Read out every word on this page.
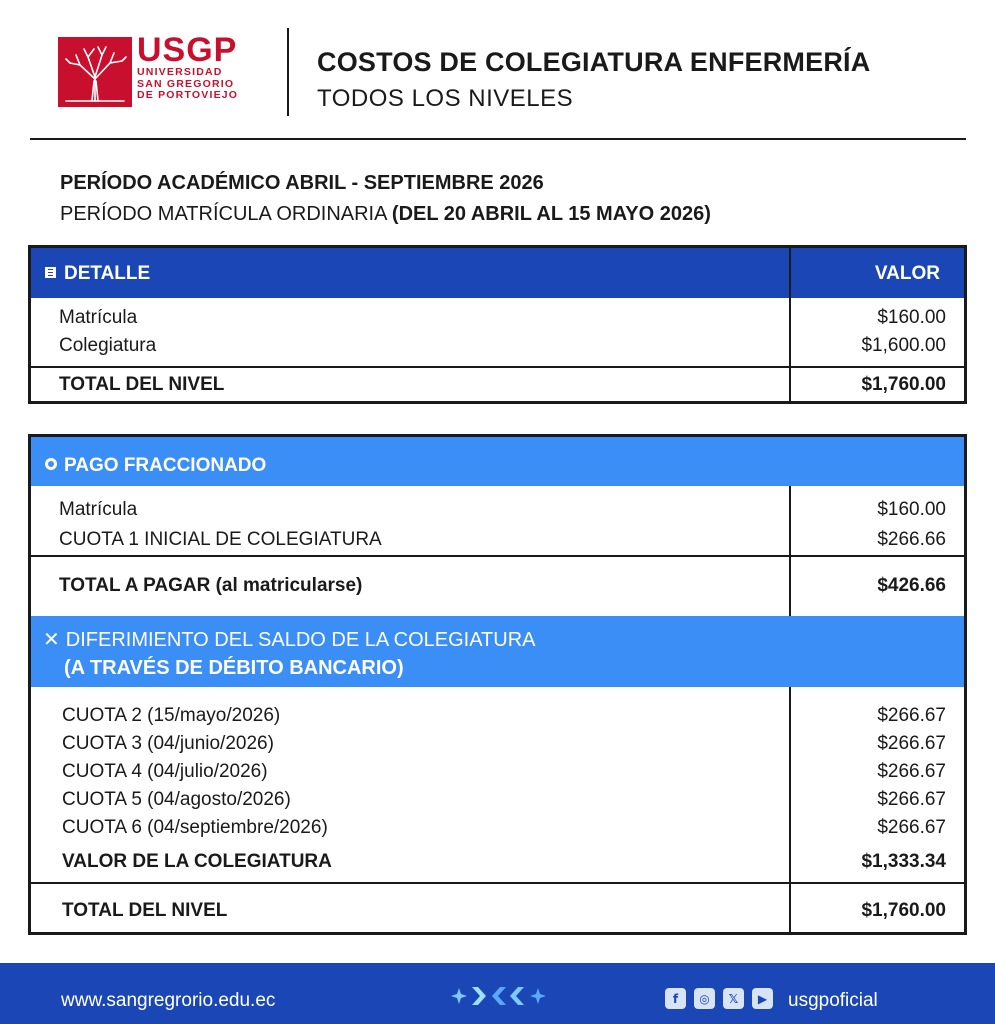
USGP
UNIVERSIDAD
SAN GREGORIO
DE PORTOVIEJO
COSTOS DE COLEGIATURA ENFERMERÍA
TODOS LOS NIVELES
PERÍODO ACADÉMICO ABRIL - SEPTIEMBRE 2026
PERÍODO MATRÍCULA ORDINARIA (DEL 20 ABRIL AL 15 MAYO 2026)
DETALLE	VALOR
Matrícula	$160.00
Colegiatura	$1,600.00
TOTAL DEL NIVEL	$1,760.00
PAGO FRACCIONADO
Matrícula	$160.00
CUOTA 1 INICIAL DE COLEGIATURA	$266.66
TOTAL A PAGAR (al matricularse)	$426.66
✕ DIFERIMIENTO DEL SALDO DE LA COLEGIATURA
(A TRAVÉS DE DÉBITO BANCARIO)
CUOTA 2 (15/mayo/2026)	$266.67
CUOTA 3 (04/junio/2026)	$266.67
CUOTA 4 (04/julio/2026)	$266.67
CUOTA 5 (04/agosto/2026)	$266.67
CUOTA 6 (04/septiembre/2026)	$266.67
VALOR DE LA COLEGIATURA	$1,333.34
TOTAL DEL NIVEL	$1,760.00
www.sangregrorio.edu.ec	f	◎	𝕏	▶	usgpoficial
